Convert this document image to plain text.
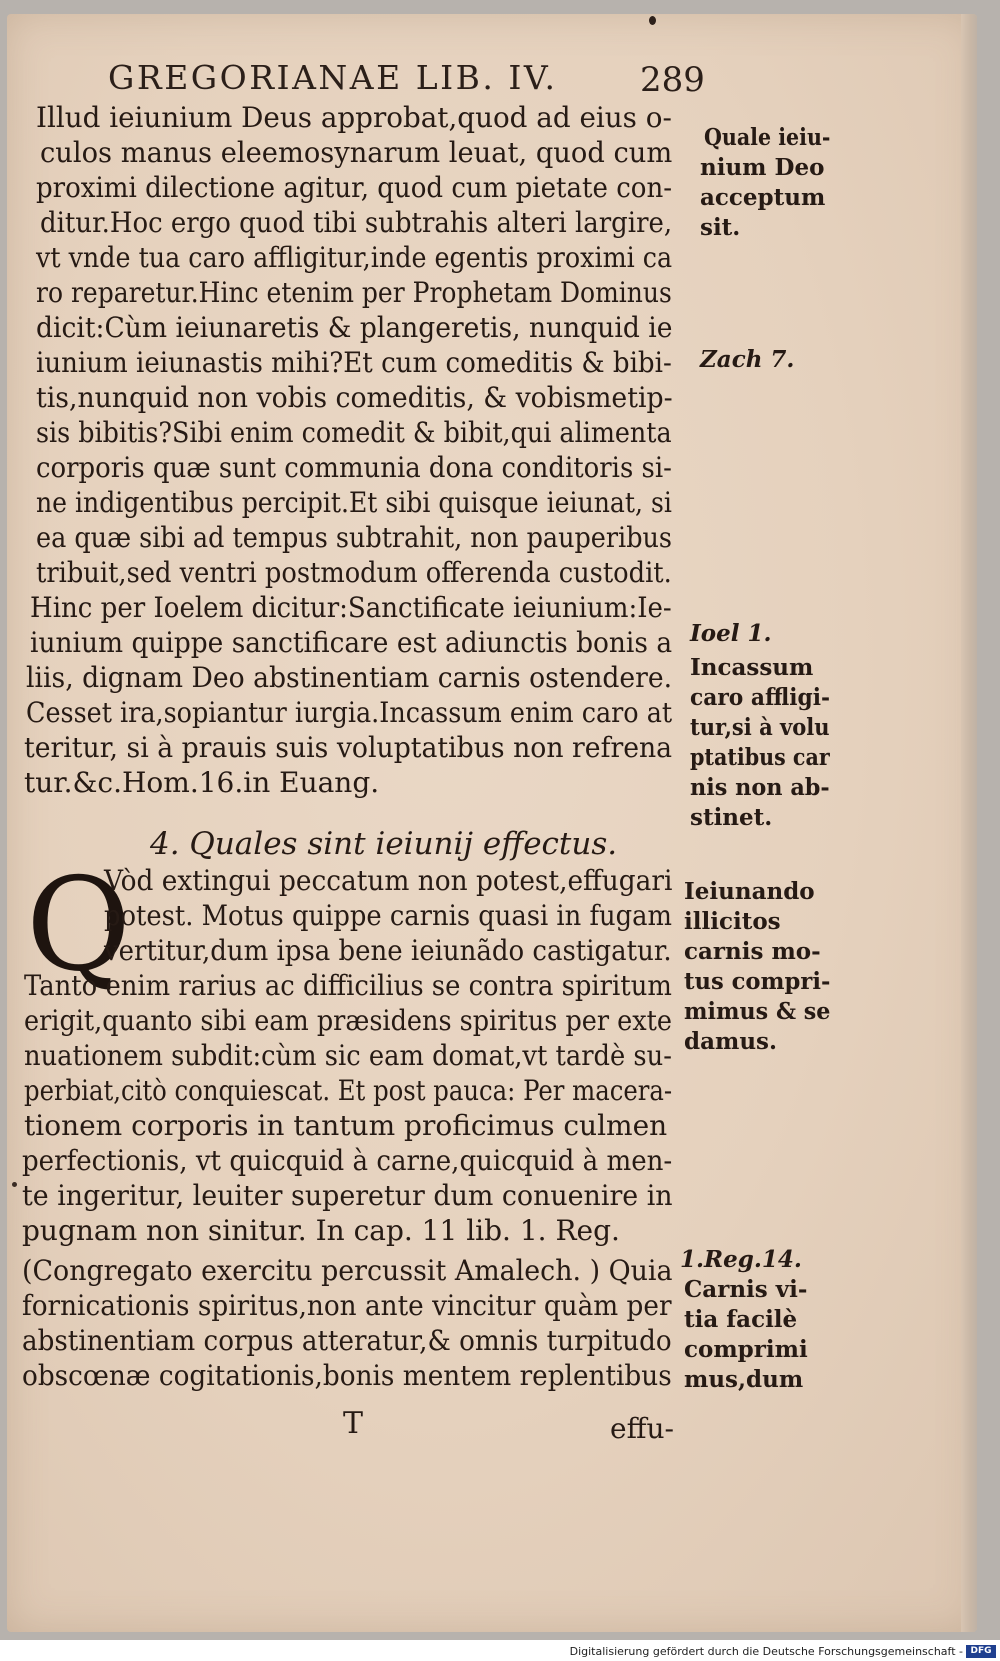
GREGORIANAE LIB. IV.	289
Illud ieiunium Deus approbat,quod ad eius o-
culos manus eleemosynarum leuat, quod cum
proximi dilectione agitur, quod cum pietate con-
ditur.Hoc ergo quod tibi subtrahis alteri largire,
vt vnde tua caro affligitur,inde egentis proximi ca
ro reparetur.Hinc etenim per Prophetam Dominus
dicit:Cùm ieiunaretis & plangeretis, nunquid ie
iunium ieiunastis mihi?Et cum comeditis & bibi-
tis,nunquid non vobis comeditis, & vobismetip-
sis bibitis?Sibi enim comedit & bibit,qui alimenta
corporis quæ sunt communia dona conditoris si-
ne indigentibus percipit.Et sibi quisque ieiunat, si
ea quæ sibi ad tempus subtrahit, non pauperibus
tribuit,sed ventri postmodum offerenda custodit.
Hinc per Ioelem dicitur:Sanctificate ieiunium:Ie-
iunium quippe sanctificare est adiunctis bonis a
liis, dignam Deo abstinentiam carnis ostendere.
Cesset ira,sopiantur iurgia.Incassum enim caro at
teritur, si à prauis suis voluptatibus non refrena
tur.&c.Hom.16.in Euang.
4. Quales sint ieiunij effectus.
Q
Vòd extingui peccatum non potest,effugari
potest. Motus quippe carnis quasi in fugam
vertitur,dum ipsa bene ieiunãdo castigatur.
Tanto enim rarius ac difficilius se contra spiritum
erigit,quanto sibi eam præsidens spiritus per exte
nuationem subdit:cùm sic eam domat,vt tardè su-
perbiat,citò conquiescat. Et post pauca: Per macera-
tionem corporis in tantum proficimus culmen
perfectionis, vt quicquid à carne,quicquid à men-
te ingeritur, leuiter superetur dum conuenire in
pugnam non sinitur. In cap. 11 lib. 1. Reg.
(Congregato exercitu percussit Amalech. ) Quia
fornicationis spiritus,non ante vincitur quàm per
abstinentiam corpus atteratur,& omnis turpitudo
obscœnæ cogitationis,bonis mentem replentibus
Quale ieiu-
nium Deo
acceptum
sit.
Zach 7.
Ioel 1.
Incassum
caro affligi-
tur,si à volu
ptatibus car
nis non ab-
stinet.
Ieiunando
illicitos
carnis mo-
tus compri-
mimus & se
damus.
1.Reg.14.
Carnis vi-
tia facilè
comprimi
mus,dum
T	effu-
Digitalisierung gefördert durch die Deutsche Forschungsgemeinschaft - DFG
